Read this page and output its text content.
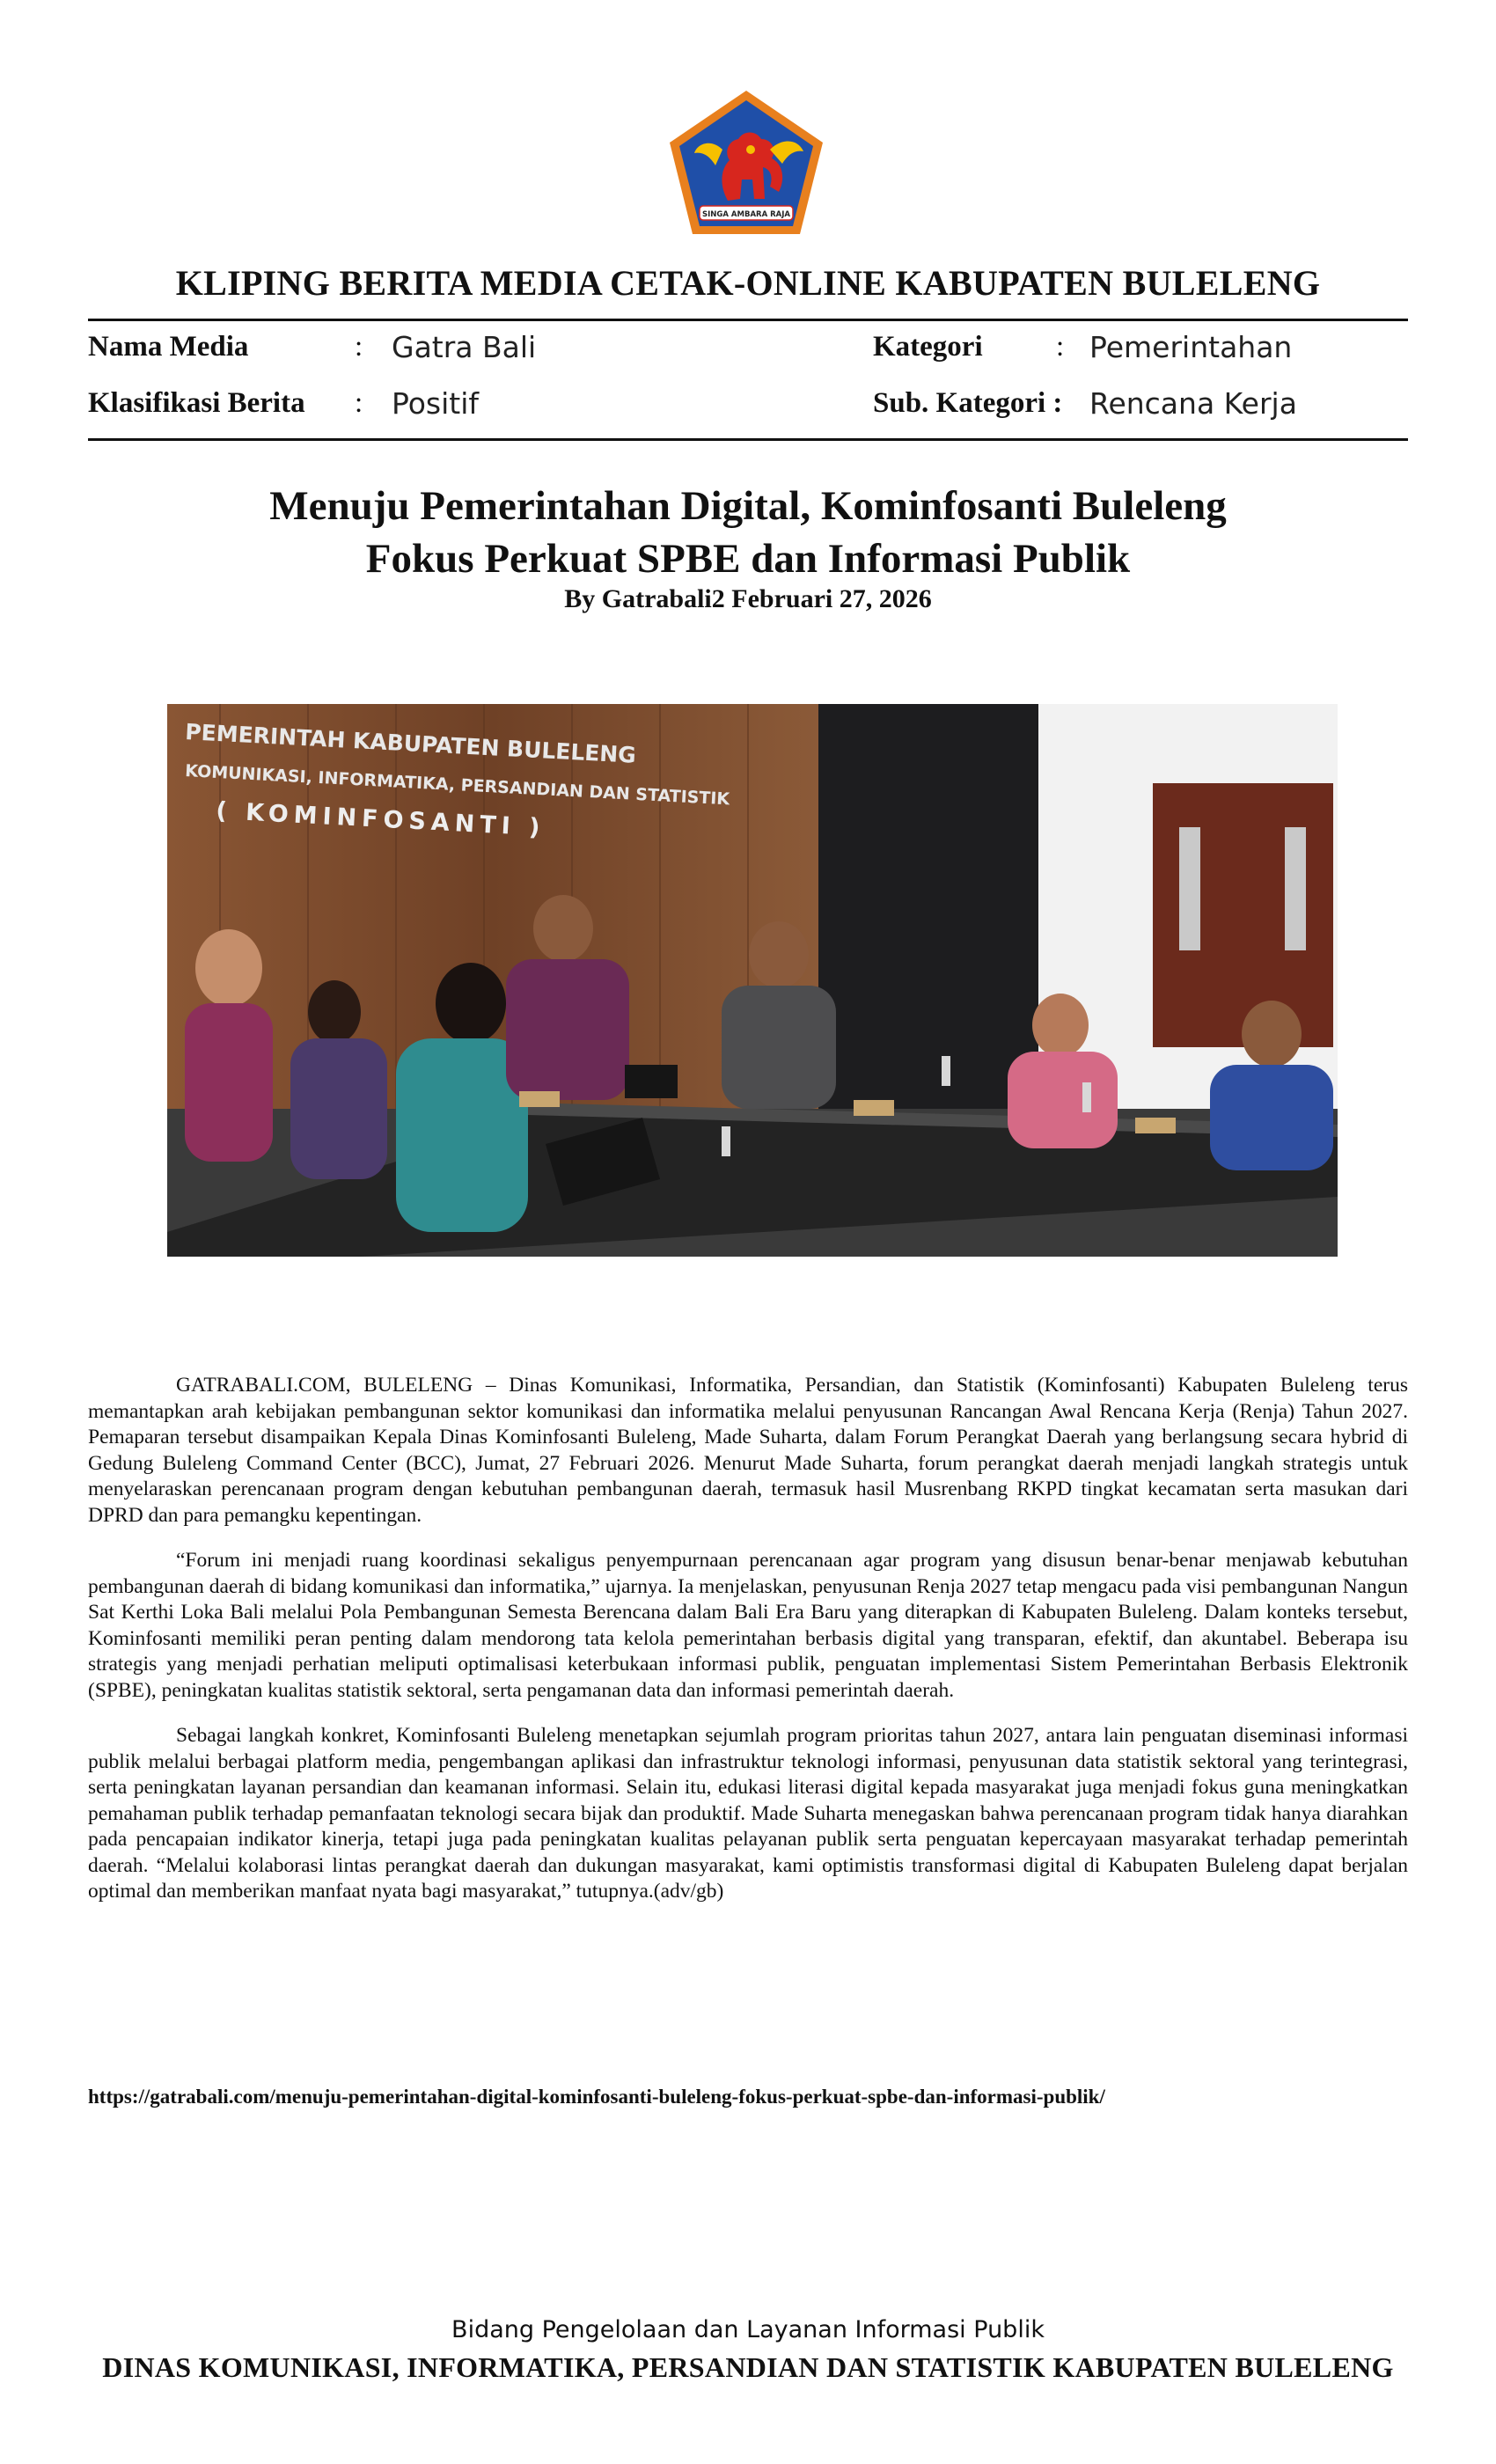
SINGA AMBARA RAJA
KLIPING BERITA MEDIA CETAK-ONLINE KABUPATEN BULELENG
Nama Media	: Gatra Bali
Klasifikasi Berita : Positif
Kategori	: Pemerintahan
Sub. Kategori : Rencana Kerja
Menuju Pemerintahan Digital, Kominfosanti Buleleng
Fokus Perkuat SPBE dan Informasi Publik
By Gatrabali2 Februari 27, 2026
PEMERINTAH KABUPATEN BULELENG
KOMUNIKASI, INFORMATIKA, PERSANDIAN DAN STATISTIK
( KOMINFOSANTI )

GATRABALI.COM, BULELENG – Dinas Komunikasi, Informatika, Persandian, dan Statistik (Kominfosanti) Kabupaten Buleleng terus memantapkan arah kebijakan pembangunan sektor komunikasi dan informatika melalui penyusunan Rancangan Awal Rencana Kerja (Renja) Tahun 2027. Pemaparan tersebut disampaikan Kepala Dinas Kominfosanti Buleleng, Made Suharta, dalam Forum Perangkat Daerah yang berlangsung secara hybrid di Gedung Buleleng Command Center (BCC), Jumat, 27 Februari 2026. Menurut Made Suharta, forum perangkat daerah menjadi langkah strategis untuk menyelaraskan perencanaan program dengan kebutuhan pembangunan daerah, termasuk hasil Musrenbang RKPD tingkat kecamatan serta masukan dari DPRD dan para pemangku kepentingan.

“Forum ini menjadi ruang koordinasi sekaligus penyempurnaan perencanaan agar program yang disusun benar-benar menjawab kebutuhan pembangunan daerah di bidang komunikasi dan informatika,” ujarnya. Ia menjelaskan, penyusunan Renja 2027 tetap mengacu pada visi pembangunan Nangun Sat Kerthi Loka Bali melalui Pola Pembangunan Semesta Berencana dalam Bali Era Baru yang diterapkan di Kabupaten Buleleng. Dalam konteks tersebut, Kominfosanti memiliki peran penting dalam mendorong tata kelola pemerintahan berbasis digital yang transparan, efektif, dan akuntabel. Beberapa isu strategis yang menjadi perhatian meliputi optimalisasi keterbukaan informasi publik, penguatan implementasi Sistem Pemerintahan Berbasis Elektronik (SPBE), peningkatan kualitas statistik sektoral, serta pengamanan data dan informasi pemerintah daerah.

Sebagai langkah konkret, Kominfosanti Buleleng menetapkan sejumlah program prioritas tahun 2027, antara lain penguatan diseminasi informasi publik melalui berbagai platform media, pengembangan aplikasi dan infrastruktur teknologi informasi, penyusunan data statistik sektoral yang terintegrasi, serta peningkatan layanan persandian dan keamanan informasi. Selain itu, edukasi literasi digital kepada masyarakat juga menjadi fokus guna meningkatkan pemahaman publik terhadap pemanfaatan teknologi secara bijak dan produktif. Made Suharta menegaskan bahwa perencanaan program tidak hanya diarahkan pada pencapaian indikator kinerja, tetapi juga pada peningkatan kualitas pelayanan publik serta penguatan kepercayaan masyarakat terhadap pemerintah daerah. “Melalui kolaborasi lintas perangkat daerah dan dukungan masyarakat, kami optimistis transformasi digital di Kabupaten Buleleng dapat berjalan optimal dan memberikan manfaat nyata bagi masyarakat,” tutupnya.(adv/gb)

https://gatrabali.com/menuju-pemerintahan-digital-kominfosanti-buleleng-fokus-perkuat-spbe-dan-informasi-publik/
Bidang Pengelolaan dan Layanan Informasi Publik
DINAS KOMUNIKASI, INFORMATIKA, PERSANDIAN DAN STATISTIK KABUPATEN BULELENG
